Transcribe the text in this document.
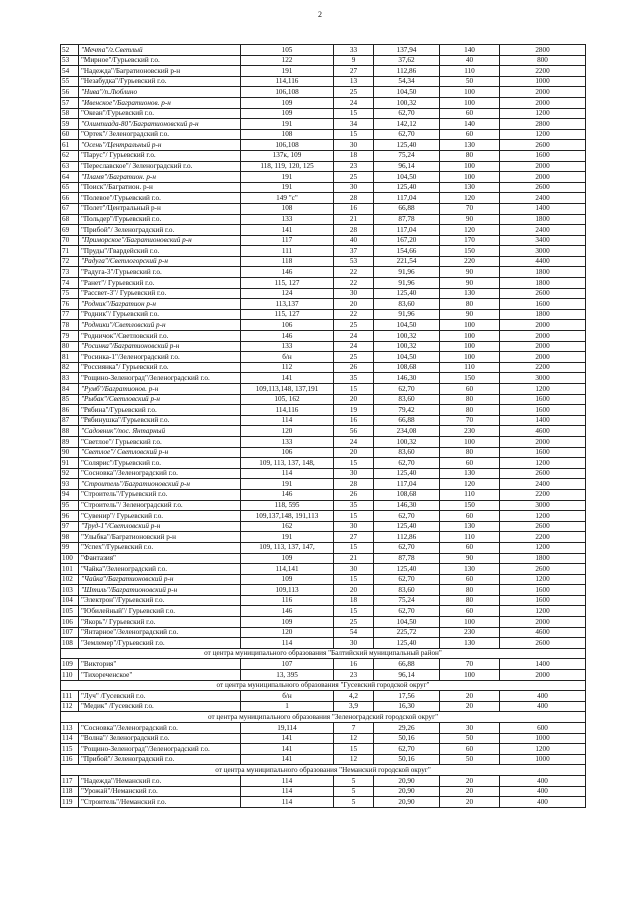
2
52	"Мечта"/г.Светлый	105	33	137,94	140	2800
53	"Мирное"/Гурьевский г.о.	122	9	37,62	40	800
54	"Надежда"/Багратионовский р-н	191	27	112,86	110	2200
55	"Незабудка"/Гурьевский г.о.	114,116	13	54,34	50	1000
56	"Нива"/п.Люблино	106,108	25	104,50	100	2000
57	"Ивенское"/Багратионов. р-н	109	24	100,32	100	2000
58	"Океан"/Гурьевский г.о.	109	15	62,70	60	1200
59	"Олимпиада-80"/Багратионовский р-н	191	34	142,12	140	2800
60	"Ортек"/ Зеленоградский г.о.	108	15	62,70	60	1200
61	"Осень"/Центральный р-н	106,108	30	125,40	130	2600
62	"Парус"/ Гурьевский г.о.	137к, 109	18	75,24	80	1600
63	"Переславское"/ Зеленоградский г.о.	118, 119, 120, 125	23	96,14	100	2000
64	"Пламя"/Багратион. р-н	191	25	104,50	100	2000
65	"Поиск"/Багратион. р-н	191	30	125,40	130	2600
66	"Полевое"/Гурьевский г.о.	149 "с"	28	117,04	120	2400
67	"Полет"/Центральный р-н	108	16	66,88	70	1400
68	"Польдер"/Гурьевский г.о.	133	21	87,78	90	1800
69	"Прибой"/ Зеленоградский г.о.	141	28	117,04	120	2400
70	"Приморское"/Багратионовский р-н	117	40	167,20	170	3400
71	"Пруды"/Гвардейский г.о.	111	37	154,66	150	3000
72	"Радуга"/Светлогорский р-н	118	53	221,54	220	4400
73	"Радуга-3"/Гурьевский г.о.	146	22	91,96	90	1800
74	"Ранет"/ Гурьевский г.о.	115, 127	22	91,96	90	1800
75	"Рассвет-3"/ Гурьевский г.о.	124	30	125,40	130	2600
76	"Родник"/Багратион р-н	113,137	20	83,60	80	1600
77	"Родник"/ Гурьевский г.о.	115, 127	22	91,96	90	1800
78	"Родники"/Светловский р-н	106	25	104,50	100	2000
79	"Родничок"/Светловский г.о.	146	24	100,32	100	2000
80	"Росинка"/Багратионовский р-н	133	24	100,32	100	2000
81	"Росинка-1"/Зеленоградский г.о.	б/н	25	104,50	100	2000
82	"Россиянка"/ Гурьевский г.о.	112	26	108,68	110	2200
83	"Рощино-Зеленоград"/Зеленоградский г.о.	141	35	146,30	150	3000
84	"Румб"/Багратионов. р-н	109,113,148, 137,191	15	62,70	60	1200
85	"Рыбак"/Светловский р-н	105, 162	20	83,60	80	1600
86	"Рябина"/Гурьевский г.о.	114,116	19	79,42	80	1600
87	"Рябинушка"/Гурьевский г.о.	114	16	66,88	70	1400
88	"Садовник"/пос. Янтарный	120	56	234,08	230	4600
89	"Светлое"/ Гурьевский г.о.	133	24	100,32	100	2000
90	"Светлое"/ Светловский р-н	106	20	83,60	80	1600
91	"Солярис"/Гурьевский г.о.	109, 113, 137, 148,	15	62,70	60	1200
92	"Сосновка"/Зеленоградский г.о.	114	30	125,40	130	2600
93	"Строитель"/Багратионовский р-н	191	28	117,04	120	2400
94	"Строитель"/Гурьевский г.о.	146	26	108,68	110	2200
95	"Строитель"/ Зеленоградский г.о.	118, 595	35	146,30	150	3000
96	"Сувенир"/ Гурьевский г.о.	109,137,148, 191,113	15	62,70	60	1200
97	"Труд-1"/Светловский р-н	162	30	125,40	130	2600
98	"Улыбка"/Багратионовский р-н	191	27	112,86	110	2200
99	"Успех"/Гурьевский г.о.	109, 113, 137, 147,	15	62,70	60	1200
100	"Фантазия"	109	21	87,78	90	1800
101	"Чайка"/Зеленоградский г.о.	114,141	30	125,40	130	2600
102	"Чайка"/Багратионовский р-н	109	15	62,70	60	1200
103	"Штиль"/Багратионовский р-н	109,113	20	83,60	80	1600
104	"Электрон"/Гурьевский г.о.	116	18	75,24	80	1600
105	"Юбилейный"/ Гурьевский г.о.	146	15	62,70	60	1200
106	"Якорь"/ Гурьевский г.о.	109	25	104,50	100	2000
107	"Янтарное"/Зеленоградский г.о.	120	54	225,72	230	4600
108	"Землемер"/Гурьевский г.о.	114	30	125,40	130	2600
от центра муниципального образования "Балтийский муниципальный район"						
109	"Виктория"	107	16	66,88	70	1400
110	"Тихореченское"	13, 395	23	96,14	100	2000
от центра муниципального образования "Гусевский городской округ"						
111	"Луч" /Гусевский г.о.	б/н	4,2	17,56	20	400
112	"Медик" /Гусевский г.о.	1	3,9	16,30	20	400
от центра муниципального образования "Зеленоградский городской округ"						
113	"Сосновка"/Зеленоградский г.о.	19,114	7	29,26	30	600
114	"Волна"/ Зеленоградский г.о.	141	12	50,16	50	1000
115	"Рощино-Зеленоград"/Зеленоградский г.о.	141	15	62,70	60	1200
116	"Прибой"/ Зеленоградский г.о.	141	12	50,16	50	1000
от центра муниципального образования "Неманский городской округ"						
117	"Надежда"/Неманский г.о.	114	5	20,90	20	400
118	"Урожай"/Неманский г.о.	114	5	20,90	20	400
119	"Строитель"/Неманский г.о.	114	5	20,90	20	400
